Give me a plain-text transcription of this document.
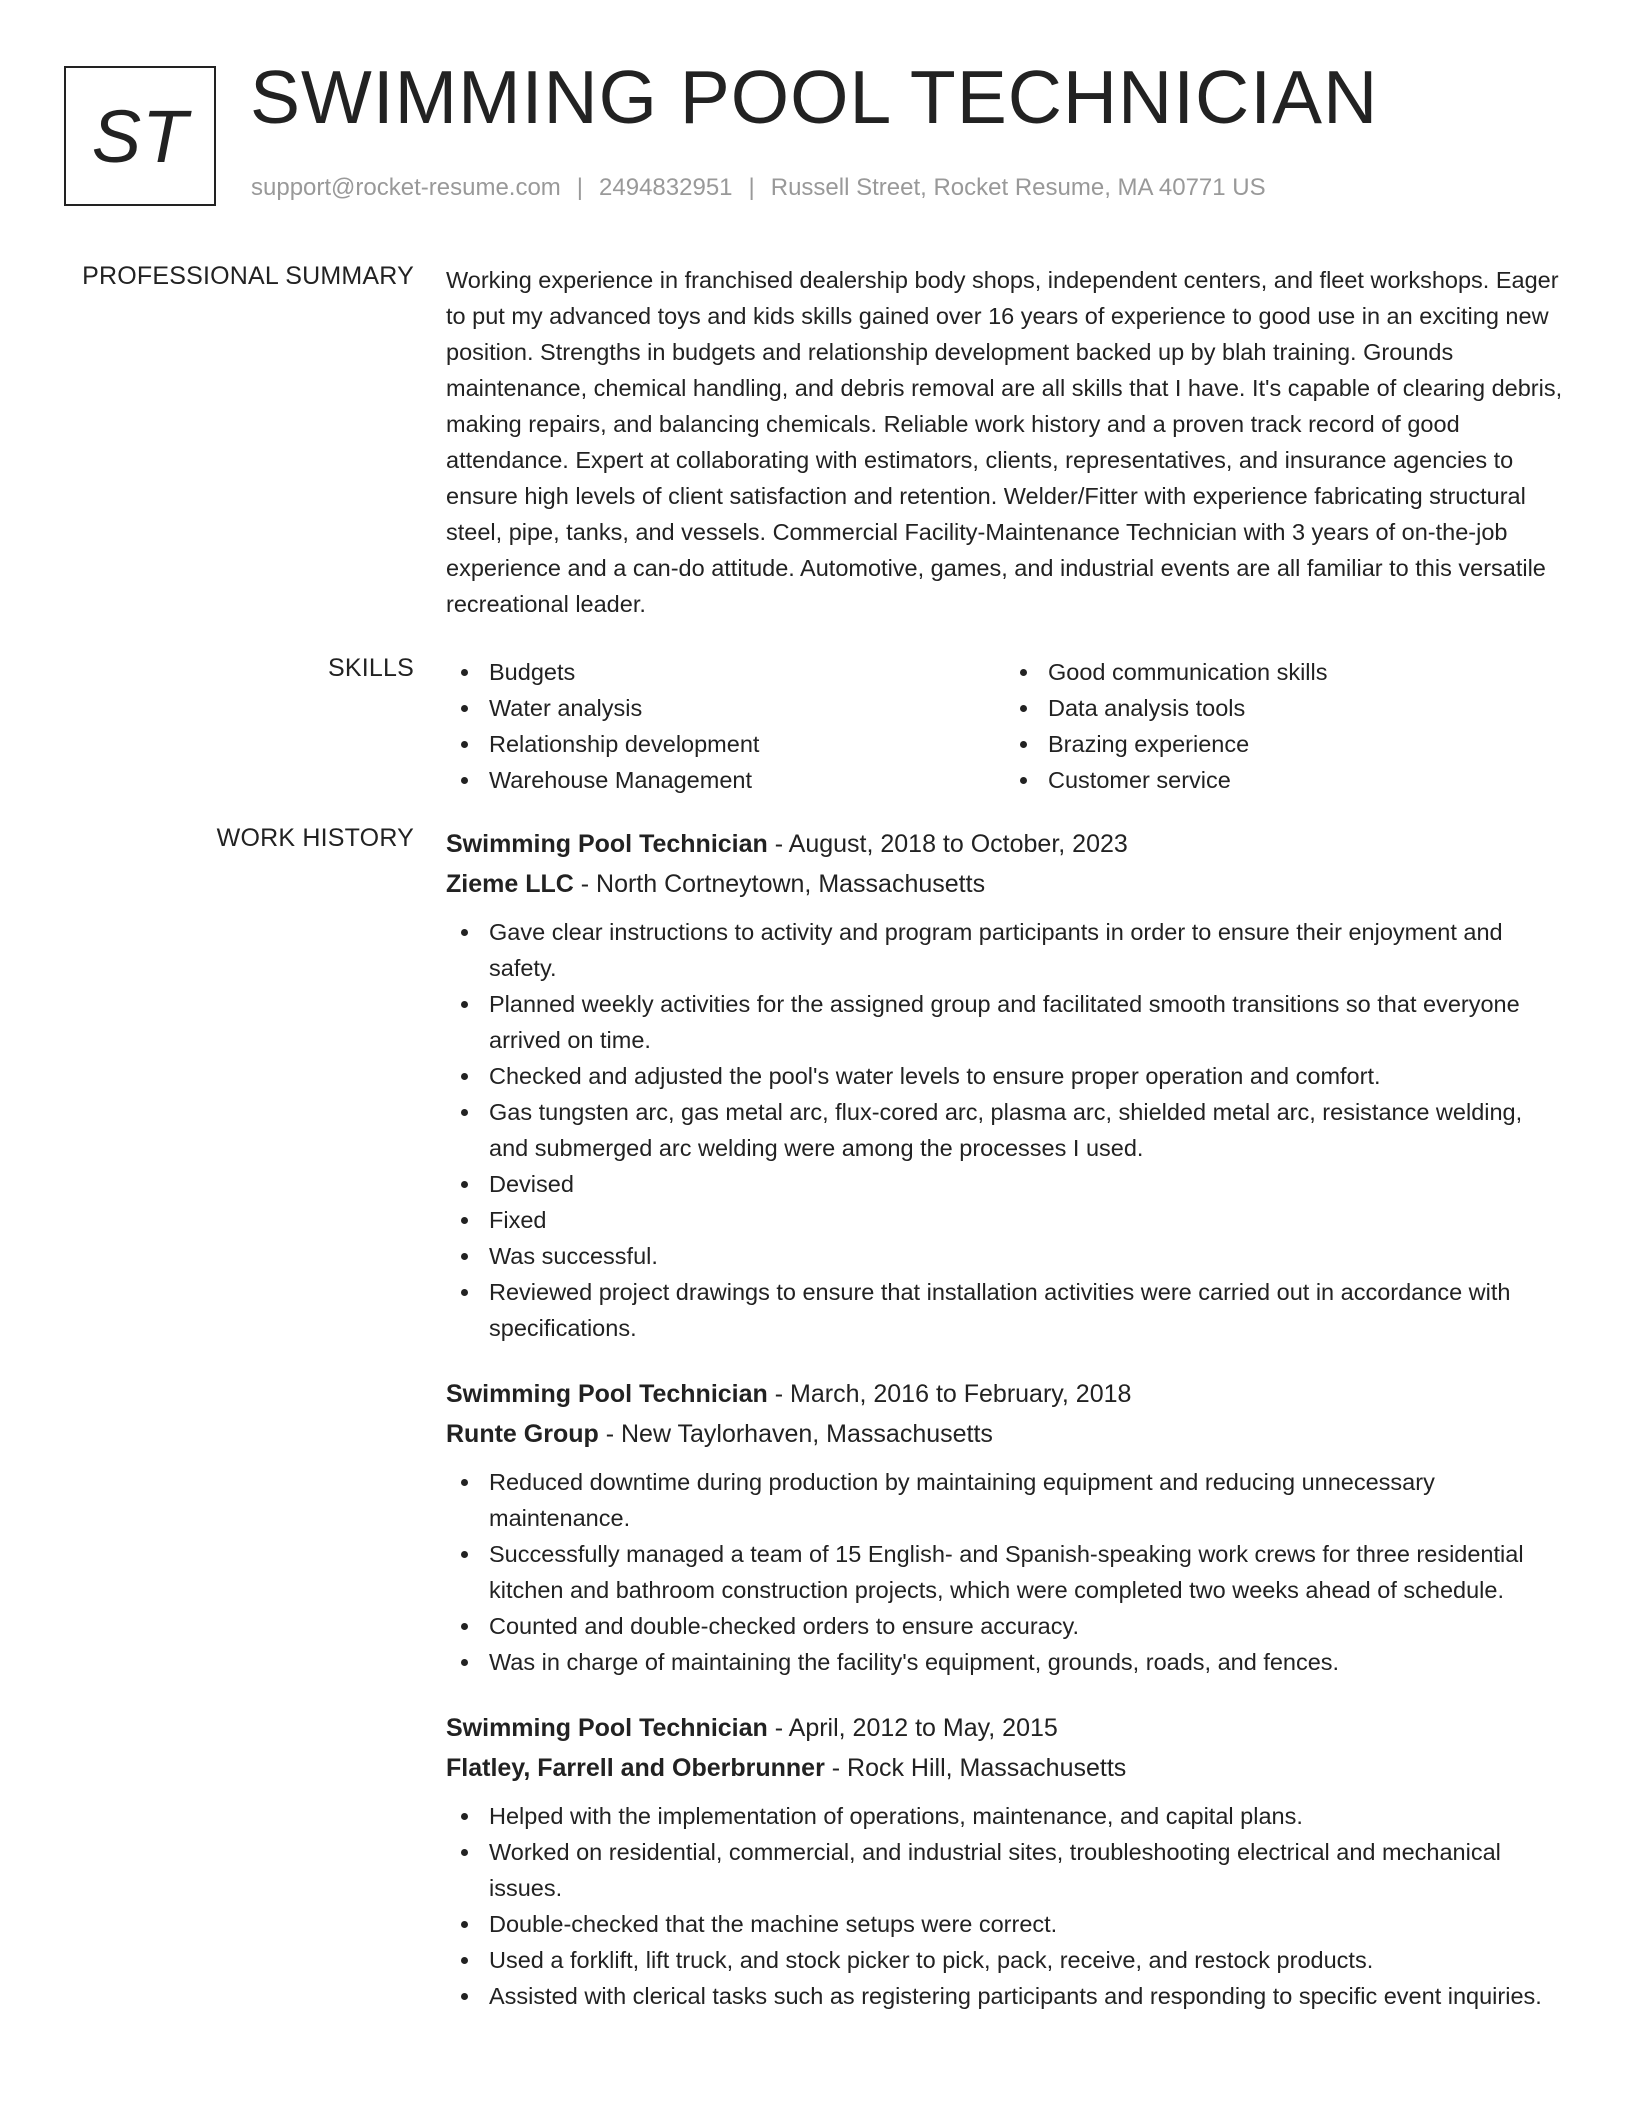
ST SWIMMING POOL TECHNICIAN
support@rocket-resume.com | 2494832951 | Russell Street, Rocket Resume, MA 40771 US
PROFESSIONAL SUMMARY Working experience in franchised dealership body shops, independent centers, and fleet workshops. Eager to put my advanced toys and kids skills gained over 16 years of experience to good use in an exciting new position. Strengths in budgets and relationship development backed up by blah training. Grounds maintenance, chemical handling, and debris removal are all skills that I have. It's capable of clearing debris, making repairs, and balancing chemicals. Reliable work history and a proven track record of good attendance. Expert at collaborating with estimators, clients, representatives, and insurance agencies to ensure high levels of client satisfaction and retention. Welder/Fitter with experience fabricating structural steel, pipe, tanks, and vessels. Commercial Facility-Maintenance Technician with 3 years of on-the-job experience and a can-do attitude. Automotive, games, and industrial events are all familiar to this versatile recreational leader.

SKILLS	Budgets
Water analysis
Relationship development
Warehouse Management
Good communication skills
Data analysis tools
Brazing experience
Customer service
WORK HISTORY Swimming Pool Technician - August, 2018 to October, 2023
Zieme LLC - North Cortneytown, Massachusetts
Gave clear instructions to activity and program participants in order to ensure their enjoyment and safety.
Planned weekly activities for the assigned group and facilitated smooth transitions so that everyone arrived on time.
Checked and adjusted the pool's water levels to ensure proper operation and comfort.
Gas tungsten arc, gas metal arc, flux-cored arc, plasma arc, shielded metal arc, resistance welding, and submerged arc welding were among the processes I used.
Devised
Fixed
Was successful.
Reviewed project drawings to ensure that installation activities were carried out in accordance with specifications.
Swimming Pool Technician - March, 2016 to February, 2018
Runte Group - New Taylorhaven, Massachusetts
Reduced downtime during production by maintaining equipment and reducing unnecessary maintenance.
Successfully managed a team of 15 English- and Spanish-speaking work crews for three residential kitchen and bathroom construction projects, which were completed two weeks ahead of schedule.
Counted and double-checked orders to ensure accuracy.
Was in charge of maintaining the facility's equipment, grounds, roads, and fences.
Swimming Pool Technician - April, 2012 to May, 2015
Flatley, Farrell and Oberbrunner - Rock Hill, Massachusetts
Helped with the implementation of operations, maintenance, and capital plans.
Worked on residential, commercial, and industrial sites, troubleshooting electrical and mechanical issues.
Double-checked that the machine setups were correct.
Used a forklift, lift truck, and stock picker to pick, pack, receive, and restock products.
Assisted with clerical tasks such as registering participants and responding to specific event inquiries.
